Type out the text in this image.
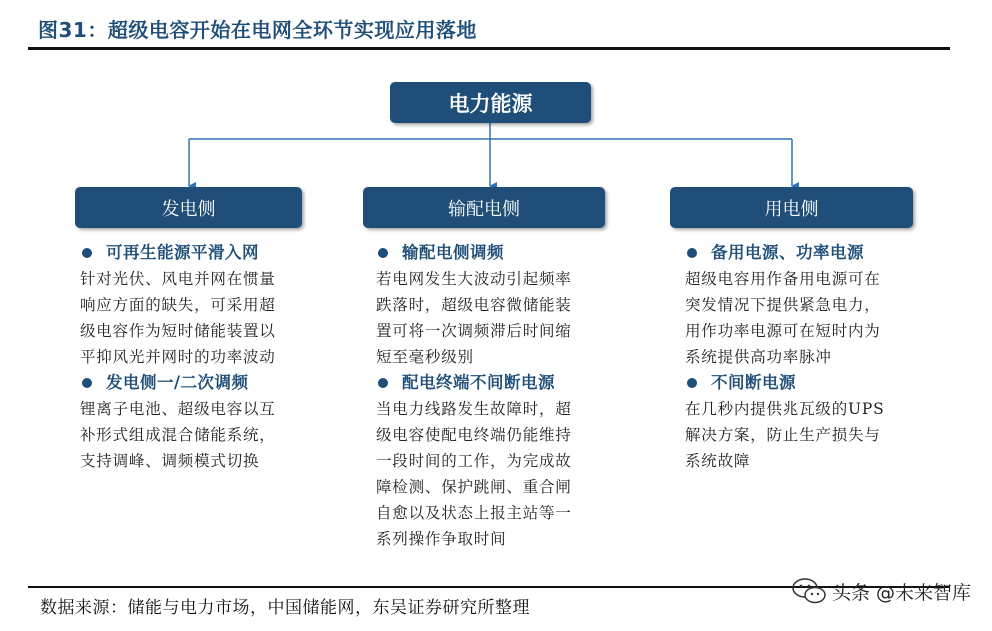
图31：超级电容开始在电网全环节实现应用落地
电力能源
发电侧	输配电侧	用电侧
可再生能源平滑入网
针对光伏、风电并网在惯量
响应方面的缺失，可采用超
级电容作为短时储能装置以
平抑风光并网时的功率波动
发电侧一/二次调频
锂离子电池、超级电容以互
补形式组成混合储能系统，
支持调峰、调频模式切换
输配电侧调频
若电网发生大波动引起频率
跌落时，超级电容微储能装
置可将一次调频滞后时间缩
短至毫秒级别
配电终端不间断电源
当电力线路发生故障时，超
级电容使配电终端仍能维持
一段时间的工作，为完成故
障检测、保护跳闸、重合闸
自愈以及状态上报主站等一
系列操作争取时间
备用电源、功率电源
超级电容用作备用电源可在
突发情况下提供紧急电力，
用作功率电源可在短时内为
系统提供高功率脉冲
不间断电源
在几秒内提供兆瓦级的UPS
解决方案，防止生产损失与
系统故障
数据来源：储能与电力市场，中国储能网，东吴证券研究所整理
头条 @未来智库
